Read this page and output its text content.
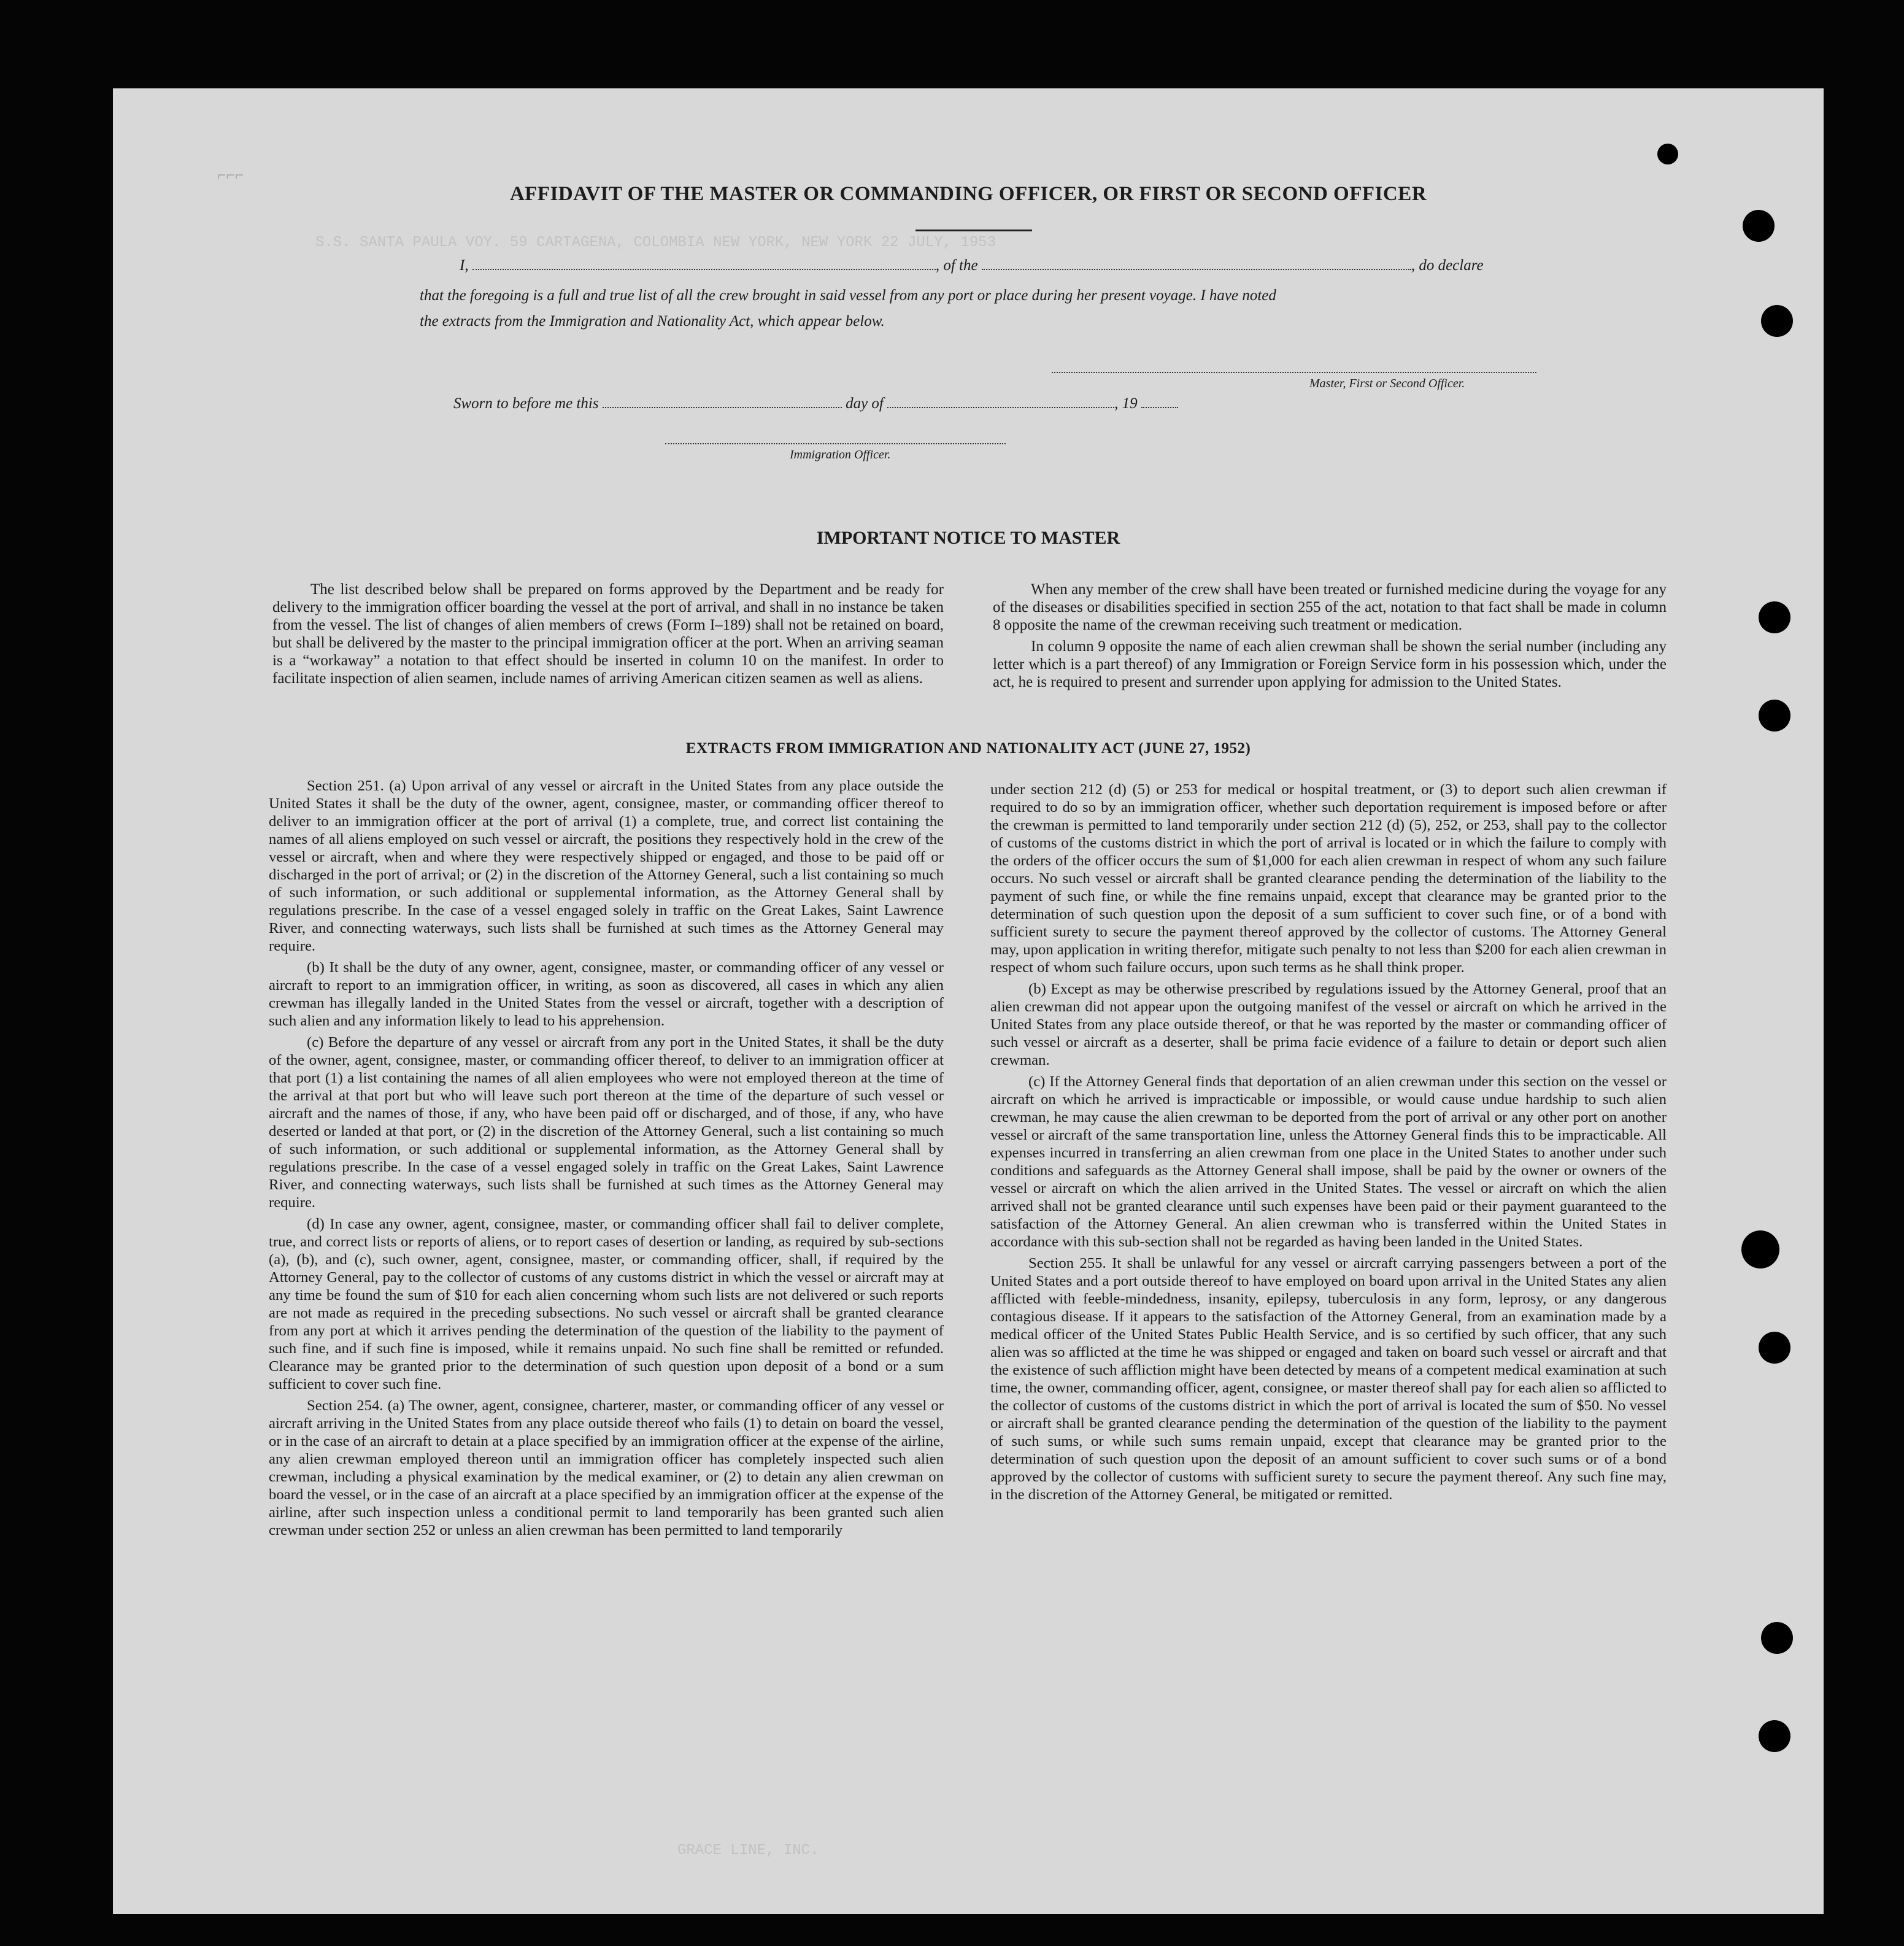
S.S. SANTA PAULA VOY. 59 CARTAGENA, COLOMBIA NEW YORK, NEW YORK 22 JULY, 1953
GRACE LINE, INC.
⌐⌐⌐
AFFIDAVIT OF THE MASTER OR COMMANDING OFFICER, OR FIRST OR SECOND OFFICER
I,	, of the	, do declare
that the foregoing is a full and true list of all the crew brought in said vessel from any port or place during her present voyage. I have noted
the extracts from the Immigration and Nationality Act, which appear below.
Master, First or Second Officer.
Sworn to before me this	day of	, 19
Immigration Officer.
IMPORTANT NOTICE TO MASTER

The list described below shall be prepared on forms approved by the Department and be ready for delivery to the immigration officer boarding the vessel at the port of arrival, and shall in no instance be taken from the vessel. The list of changes of alien members of crews (Form I–189) shall not be retained on board, but shall be delivered by the master to the principal immigration officer at the port. When an arriving seaman is a “workaway” a notation to that effect should be inserted in column 10 on the manifest. In order to facilitate inspection of alien seamen, include names of arriving American citizen seamen as well as aliens.

When any member of the crew shall have been treated or furnished medicine during the voyage for any of the diseases or disabilities specified in section 255 of the act, notation to that fact shall be made in column 8 opposite the name of the crewman receiving such treatment or medication.

In column 9 opposite the name of each alien crewman shall be shown the serial number (including any letter which is a part thereof) of any Immigration or Foreign Service form in his possession which, under the act, he is required to present and surrender upon applying for admission to the United States.

EXTRACTS FROM IMMIGRATION AND NATIONALITY ACT (JUNE 27, 1952)

Section 251. (a) Upon arrival of any vessel or aircraft in the United States from any place outside the United States it shall be the duty of the owner, agent, consignee, master, or commanding officer thereof to deliver to an immigration officer at the port of arrival (1) a complete, true, and correct list containing the names of all aliens employed on such vessel or aircraft, the positions they respectively hold in the crew of the vessel or aircraft, when and where they were respectively shipped or engaged, and those to be paid off or discharged in the port of arrival; or (2) in the discretion of the Attorney General, such a list containing so much of such information, or such additional or supplemental information, as the Attorney General shall by regulations prescribe. In the case of a vessel engaged solely in traffic on the Great Lakes, Saint Lawrence River, and connecting waterways, such lists shall be furnished at such times as the Attorney General may require.

(b) It shall be the duty of any owner, agent, consignee, master, or commanding officer of any vessel or aircraft to report to an immigration officer, in writing, as soon as discovered, all cases in which any alien crewman has illegally landed in the United States from the vessel or aircraft, together with a description of such alien and any information likely to lead to his apprehension.

(c) Before the departure of any vessel or aircraft from any port in the United States, it shall be the duty of the owner, agent, consignee, master, or commanding officer thereof, to deliver to an immigration officer at that port (1) a list containing the names of all alien employees who were not employed thereon at the time of the arrival at that port but who will leave such port thereon at the time of the departure of such vessel or aircraft and the names of those, if any, who have been paid off or discharged, and of those, if any, who have deserted or landed at that port, or (2) in the discretion of the Attorney General, such a list containing so much of such information, or such additional or supplemental information, as the Attorney General shall by regulations prescribe. In the case of a vessel engaged solely in traffic on the Great Lakes, Saint Lawrence River, and connecting waterways, such lists shall be furnished at such times as the Attorney General may require.

(d) In case any owner, agent, consignee, master, or commanding officer shall fail to deliver complete, true, and correct lists or reports of aliens, or to report cases of desertion or landing, as required by sub-sections (a), (b), and (c), such owner, agent, consignee, master, or commanding officer, shall, if required by the Attorney General, pay to the collector of customs of any customs district in which the vessel or aircraft may at any time be found the sum of $10 for each alien concerning whom such lists are not delivered or such reports are not made as required in the preceding subsections. No such vessel or aircraft shall be granted clearance from any port at which it arrives pending the determination of the question of the liability to the payment of such fine, and if such fine is imposed, while it remains unpaid. No such fine shall be remitted or refunded. Clearance may be granted prior to the determination of such question upon deposit of a bond or a sum sufficient to cover such fine.

Section 254. (a) The owner, agent, consignee, charterer, master, or commanding officer of any vessel or aircraft arriving in the United States from any place outside thereof who fails (1) to detain on board the vessel, or in the case of an aircraft to detain at a place specified by an immigration officer at the expense of the airline, any alien crewman employed thereon until an immigration officer has completely inspected such alien crewman, including a physical examination by the medical examiner, or (2) to detain any alien crewman on board the vessel, or in the case of an aircraft at a place specified by an immigration officer at the expense of the airline, after such inspection unless a conditional permit to land temporarily has been granted such alien crewman under section 252 or unless an alien crewman has been permitted to land temporarily

under section 212 (d) (5) or 253 for medical or hospital treatment, or (3) to deport such alien crewman if required to do so by an immigration officer, whether such deportation requirement is imposed before or after the crewman is permitted to land temporarily under section 212 (d) (5), 252, or 253, shall pay to the collector of customs of the customs district in which the port of arrival is located or in which the failure to comply with the orders of the officer occurs the sum of $1,000 for each alien crewman in respect of whom any such failure occurs. No such vessel or aircraft shall be granted clearance pending the determination of the liability to the payment of such fine, or while the fine remains unpaid, except that clearance may be granted prior to the determination of such question upon the deposit of a sum sufficient to cover such fine, or of a bond with sufficient surety to secure the payment thereof approved by the collector of customs. The Attorney General may, upon application in writing therefor, mitigate such penalty to not less than $200 for each alien crewman in respect of whom such failure occurs, upon such terms as he shall think proper.

(b) Except as may be otherwise prescribed by regulations issued by the Attorney General, proof that an alien crewman did not appear upon the outgoing manifest of the vessel or aircraft on which he arrived in the United States from any place outside thereof, or that he was reported by the master or commanding officer of such vessel or aircraft as a deserter, shall be prima facie evidence of a failure to detain or deport such alien crewman.

(c) If the Attorney General finds that deportation of an alien crewman under this section on the vessel or aircraft on which he arrived is impracticable or impossible, or would cause undue hardship to such alien crewman, he may cause the alien crewman to be deported from the port of arrival or any other port on another vessel or aircraft of the same transportation line, unless the Attorney General finds this to be impracticable. All expenses incurred in transferring an alien crewman from one place in the United States to another under such conditions and safeguards as the Attorney General shall impose, shall be paid by the owner or owners of the vessel or aircraft on which the alien arrived in the United States. The vessel or aircraft on which the alien arrived shall not be granted clearance until such expenses have been paid or their payment guaranteed to the satisfaction of the Attorney General. An alien crewman who is transferred within the United States in accordance with this sub-section shall not be regarded as having been landed in the United States.

Section 255. It shall be unlawful for any vessel or aircraft carrying passengers between a port of the United States and a port outside thereof to have employed on board upon arrival in the United States any alien afflicted with feeble-mindedness, insanity, epilepsy, tuberculosis in any form, leprosy, or any dangerous contagious disease. If it appears to the satisfaction of the Attorney General, from an examination made by a medical officer of the United States Public Health Service, and is so certified by such officer, that any such alien was so afflicted at the time he was shipped or engaged and taken on board such vessel or aircraft and that the existence of such affliction might have been detected by means of a competent medical examination at such time, the owner, commanding officer, agent, consignee, or master thereof shall pay for each alien so afflicted to the collector of customs of the customs district in which the port of arrival is located the sum of $50. No vessel or aircraft shall be granted clearance pending the determination of the question of the liability to the payment of such sums, or while such sums remain unpaid, except that clearance may be granted prior to the determination of such question upon the deposit of an amount sufficient to cover such sums or of a bond approved by the collector of customs with sufficient surety to secure the payment thereof. Any such fine may, in the discretion of the Attorney General, be mitigated or remitted.
